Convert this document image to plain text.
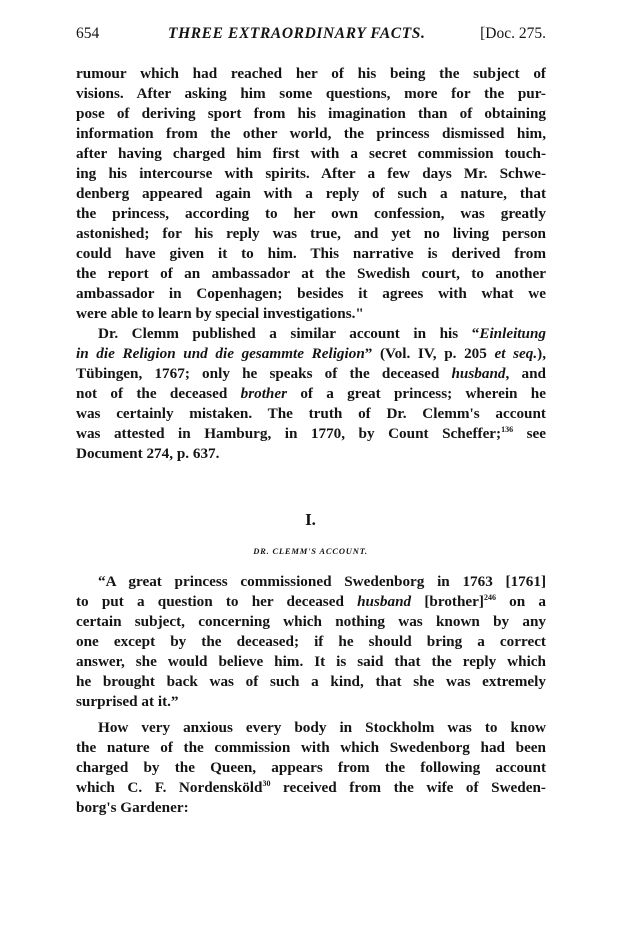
654	THREE EXTRAORDINARY FACTS.	[Doc. 275.
rumour which had reached her of his being the subject of
visions. After asking him some questions, more for the pur-
pose of deriving sport from his imagination than of obtaining
information from the other world, the princess dismissed him,
after having charged him first with a secret commission touch-
ing his intercourse with spirits. After a few days Mr. Schwe-
denberg appeared again with a reply of such a nature, that
the princess, according to her own confession, was greatly
astonished; for his reply was true, and yet no living person
could have given it to him. This narrative is derived from
the report of an ambassador at the Swedish court, to another
ambassador in Copenhagen; besides it agrees with what we
were able to learn by special investigations."
Dr. Clemm published a similar account in his “Einleitung
in die Religion und die gesammte Religion” (Vol. IV, p. 205 et seq.),
Tübingen, 1767; only he speaks of the deceased husband, and
not of the deceased brother of a great princess; wherein he
was certainly mistaken. The truth of Dr. Clemm's account
was attested in Hamburg, in 1770, by Count Scheffer;$^{136}$ see
Document 274, p. 637.
I.
DR. CLEMM'S ACCOUNT.
“A great princess commissioned Swedenborg in 1763 [1761]
to put a question to her deceased husband [brother]$^{246}$ on a
certain subject, concerning which nothing was known by any
one except by the deceased; if he should bring a correct
answer, she would believe him. It is said that the reply which
he brought back was of such a kind, that she was extremely
surprised at it.”
How very anxious every body in Stockholm was to know
the nature of the commission with which Swedenborg had been
charged by the Queen, appears from the following account
which C. F. Nordensköld$^{30}$ received from the wife of Sweden-
borg's Gardener:
